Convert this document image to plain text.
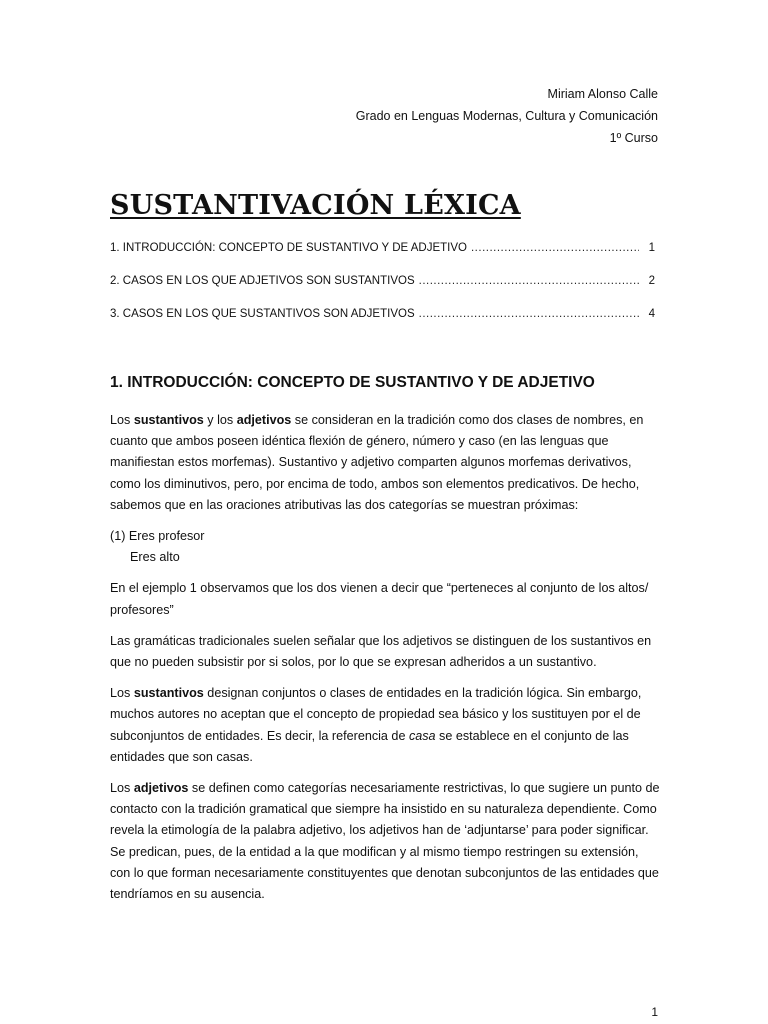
Miriam Alonso Calle
Grado en Lenguas Modernas, Cultura y Comunicación
1º Curso
SUSTANTIVACIÓN LÉXICA
1. INTRODUCCIÓN: CONCEPTO DE SUSTANTIVO Y DE ADJETIVO .....	1
2. CASOS EN LOS QUE ADJETIVOS SON SUSTANTIVOS .....	2
3. CASOS EN LOS QUE SUSTANTIVOS SON ADJETIVOS .....	4
1. INTRODUCCIÓN: CONCEPTO DE SUSTANTIVO Y DE ADJETIVO

Los sustantivos y los adjetivos se consideran en la tradición como dos clases de nombres, en cuanto que ambos poseen idéntica flexión de género, número y caso (en las lenguas que manifiestan estos morfemas). Sustantivo y adjetivo comparten algunos morfemas derivativos, como los diminutivos, pero, por encima de todo, ambos son elementos predicativos. De hecho, sabemos que en las oraciones atributivas las dos categorías se muestran próximas:

(1) Eres profesor
Eres alto

En el ejemplo 1 observamos que los dos vienen a decir que “perteneces al conjunto de los altos/ profesores”

Las gramáticas tradicionales suelen señalar que los adjetivos se distinguen de los sustantivos en que no pueden subsistir por si solos, por lo que se expresan adheridos a un sustantivo.

Los sustantivos designan conjuntos o clases de entidades en la tradición lógica. Sin embargo, muchos autores no aceptan que el concepto de propiedad sea básico y los sustituyen por el de subconjuntos de entidades. Es decir, la referencia de casa se establece en el conjunto de las entidades que son casas.

Los adjetivos se definen como categorías necesariamente restrictivas, lo que sugiere un punto de contacto con la tradición gramatical que siempre ha insistido en su naturaleza dependiente. Como revela la etimología de la palabra adjetivo, los adjetivos han de ‘adjuntarse’ para poder significar. Se predican, pues, de la entidad a la que modifican y al mismo tiempo restringen su extensión, con lo que forman necesariamente constituyentes que denotan subconjuntos de las entidades que tendríamos en su ausencia.

1
